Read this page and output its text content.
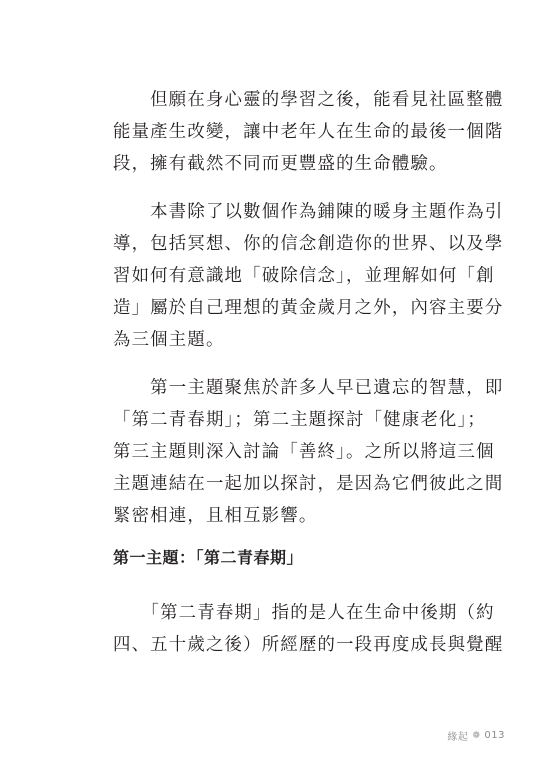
　　但願在身心靈的學習之後，能看見社區整體
能量產生改變，讓中老年人在生命的最後一個階
段，擁有截然不同而更豐盛的生命體驗。
　　本書除了以數個作為鋪陳的暖身主題作為引
導，包括冥想、你的信念創造你的世界、以及學
習如何有意識地「破除信念」，並理解如何「創
造」屬於自己理想的黃金歲月之外，內容主要分
為三個主題。
　　第一主題聚焦於許多人早已遺忘的智慧，即
「第二青春期」；第二主題探討「健康老化」；
第三主題則深入討論「善終」。之所以將這三個
主題連結在一起加以探討，是因為它們彼此之間
緊密相連，且相互影響。
第一主題：「第二青春期」
　　「第二青春期」指的是人在生命中後期（約
四、五十歲之後）所經歷的一段再度成長與覺醒
緣起 ❁ 013
